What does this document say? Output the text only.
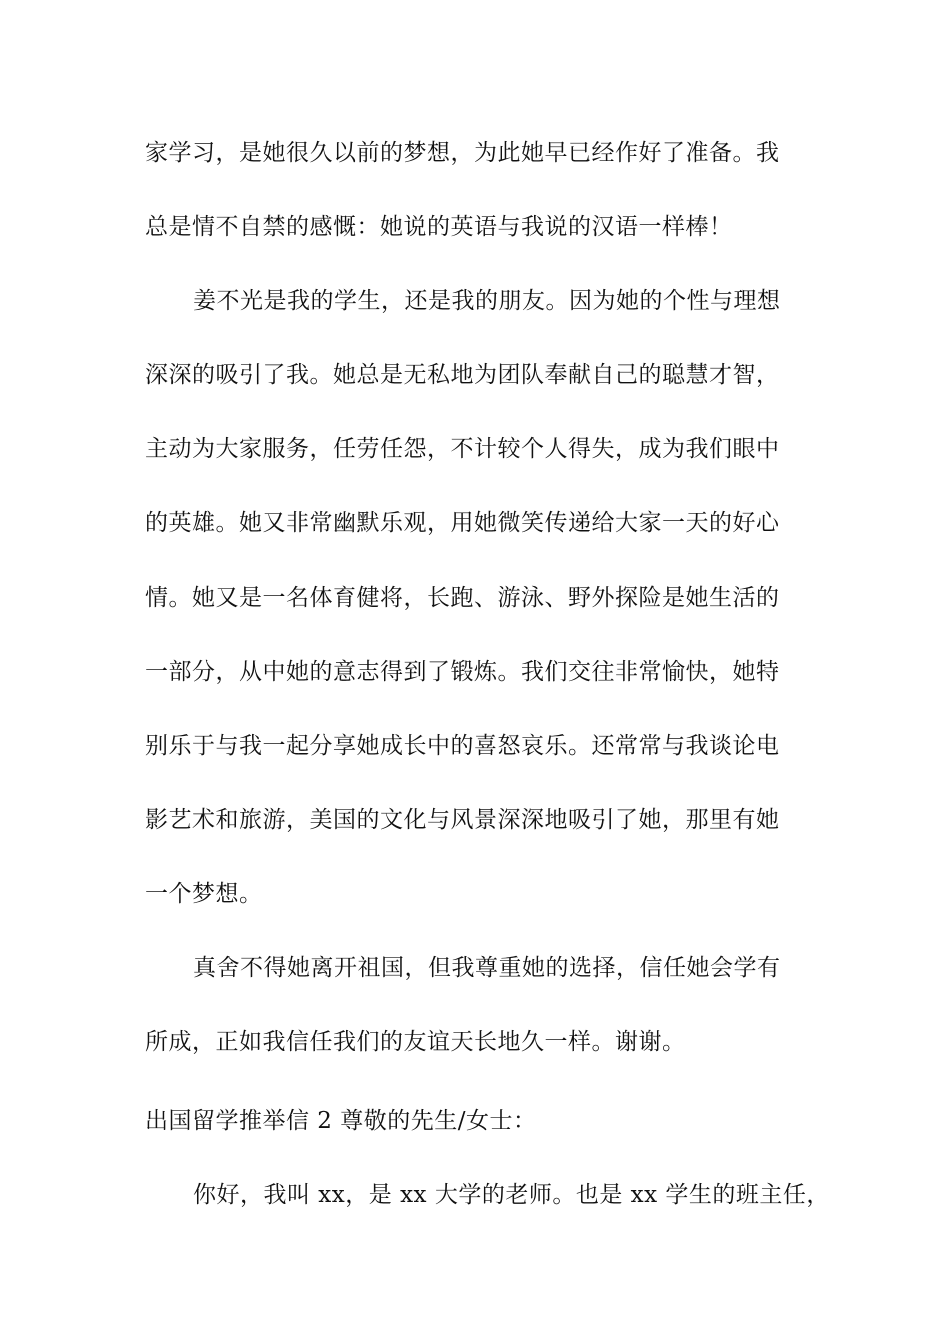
家学习，是她很久以前的梦想，为此她早已经作好了准备。我
总是情不自禁的感慨：她说的英语与我说的汉语一样棒！
姜不光是我的学生，还是我的朋友。因为她的个性与理想
深深的吸引了我。她总是无私地为团队奉献自己的聪慧才智，
主动为大家服务，任劳任怨，不计较个人得失，成为我们眼中
的英雄。她又非常幽默乐观，用她微笑传递给大家一天的好心
情。她又是一名体育健将，长跑、游泳、野外探险是她生活的
一部分，从中她的意志得到了锻炼。我们交往非常愉快，她特
别乐于与我一起分享她成长中的喜怒哀乐。还常常与我谈论电
影艺术和旅游，美国的文化与风景深深地吸引了她，那里有她
一个梦想。
真舍不得她离开祖国，但我尊重她的选择，信任她会学有
所成，正如我信任我们的友谊天长地久一样。谢谢。
出国留学推举信 2 尊敬的先生/女士：
你好，我叫 xx，是 xx 大学的老师。也是 xx 学生的班主任，
